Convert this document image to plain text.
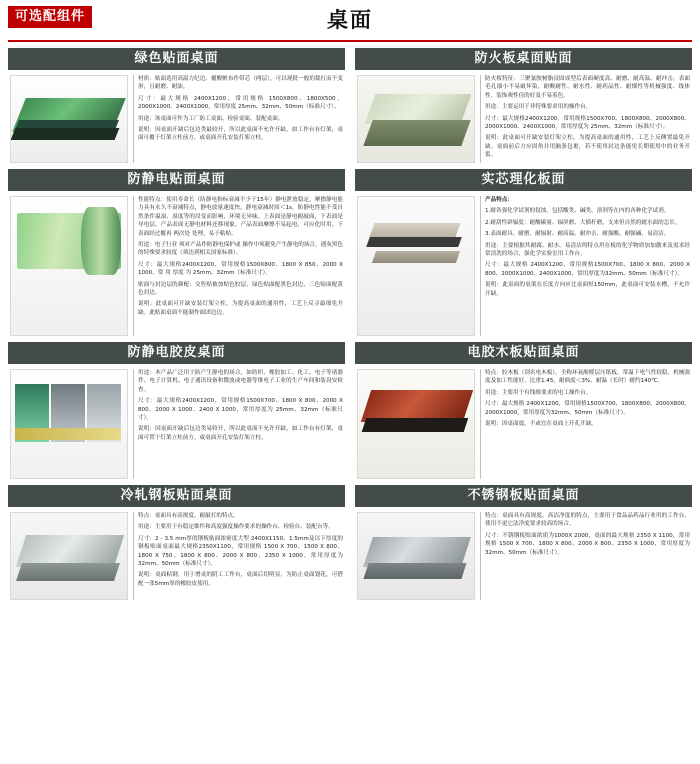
可选配组件	桌面
绿色贴面桌面

材质：贴面选用高温力纪边、覆醒帆布作带芯（两层），可以现批一般的裁打而不变形，且耐磨、耐油。

尺寸：最大规格 2400X1200，常用规格 1500X800、1800X500、2000X1000、2400X1000，常用厚度 25mm、32mm、50mm（标准尺寸）。

用途：该桌面可作为工厂防工桌面、检验桌面、装配桌面。

说明：因桌面开缺后包边类最较开，所以此桌面不允许开缺，如工作台有灯架，桌面可覆于灯架立柱前方，或桌面开孔安装灯架立柱。

防火板桌面贴面

防火板特征：三聚氰胺树脂浸固成型后表面硬度高、耐磨、耐高温、耐冲击，表面毛孔细小不易破坏染，耐酸耐性、耐水性、耐药品性、耐烟性等机械强度、线体性、装饰观性佳的好及不易着色。

用途：主要运用于非特殊要求用的操作台。

尺寸：最大规格2400X1200，常用规格1500X700、1800X800、2000X800、2000X1000、2400X1000，常用厚度为 25mm、32mm（标准尺寸）。

说明：此桌面可开缺安装灯架立柱，为提高桌面的通用性，工艺上反侧置最免开缺。桌面前后方应固角并用脑条包裹，若不使用封边条能免长期使用中的业务开裂。

防静电贴面桌面

性能特点：使用寿命长（防静电指标衰减不少于15年）静电泄放稳定，摩擦静电能力具有永久不衰减特点，静电放量速度快，静电衰减时间＜1s，防静电性能不受自然条件温湿、湿度等的浸变而影响，环境无异味。上表面是静电耐敲面，下表面是导电层。产品表面无静电材料还移现象，产品表面摩擦不易起电，可应化时用。下表面经过覆再 两次处 处理，易于粘贴。

用途：电子行业 须对产品作防静电保护或 操作中须避免产生静电的场合。遇灰黑色的特殊要求较度（须达到相关国家标准）。

尺寸：最大规格2400X1200，常用规格1500X800、1800 X 850、2000 X 1000，常 用 厚度 为 25mm、32mm（标准尺寸）。

贴面与封边层的颜配：交售贴被加贴色胶层，绿色贴面配黑色封边，三色贴面配黄色封边。

说明：此桌面可开缺安装灯架立柱，为提高桌面的通用性，工艺上反寻最细免开缺。此贴面桌面不能制作面团边边。

实芯理化板面

产品特点：

1.耐各强化学试剂的侵蚀，包括酸类、碱类、溶剂等在内的各种化学试剂。

2.耐刮性辟辐度：耐酸碳量、辐屏磨、大插杆磨，支来但自然的耐水面的怎长。

3.表面耐具、耐磨、耐辐射、耐高温、耐冲击、耐强酸、耐强碱、易清洁。

用途：主要根据其耐腐、耐水、易清洁的特点用在板的化学物质加加激来及需求经常清洗的场合，强化学实验室用工作台。

尺寸：最大规格 2400X1200，常用规格1500X700、1800 X 800、2000 X 800、2000X1000、2400X1000，常用厚度为32mm、50mm（标准尺寸）。

说明：此桌面的桌架在长度方向应比桌面短150mm，此桌面可安装水槽，不允许开缺。

防静电胶皮桌面

用途：本产品广泛用于防产生静电的场合，如纺织、橡胶加工、化工、电子等诸器件、电子计算机、电子通讯设备和微波或电器等维电子工业的生产车间和装设安检查。

尺寸：最大规格2400X1200，常用规格1500X700、1800 X 800、2000 X 800、2000 X 1000、2400 X 1000，常用厚度为 25mm、32mm（标准尺寸）。

说明：因桌面开缺后包边类易较开，所以此桌面不允许开缺，如工作台有灯架，桌面可置于灯架立柱前方，或桌面开孔安装灯架立柱。

电胶木板贴面桌面

特点：胶木板（别名电木板），全称环氧酚醛层压纸板，常温下电气性较稳，机械强度及加工性能好，比重1.45，耐曲度＜3%，耐温（长时）耐约140℃。

用途：主要用于有线维要求的电工操作台。

尺寸：最大规格 2400X1200，常用规格1500X700、1800X800、2000X800、2000X1000，常用厚度为32mm、50mm（标准尺寸）。

说明：因桌面震，不或宜在桌面上开孔开缺。

冷轧钢板贴面桌面

特点：桌面具有高规度，耐敲打的特点。

用途：主要用于有稳定维件和高度强度操作要求的操作台、检验台、装配台等。

尺寸：2 - 3.5 mm厚的钢板贴面浓密度大型 2400X1150、1.5mm及以下厚度的钢板贴面桌面最大规格2350X1100，常用规格 1500 X 700、1500 X 800、1800 X 750、1800 X 800、2000 X 800、2350 X 1000，常用厚度为32mm、50mm（标准尺寸）。

说明：桌面粘钢，用于增桌的阴工工作台，桌面后切明显，为防止桌面划花，可搭配一张5mm厚的橡胶皮使用。

不锈钢板贴面桌面

特点：桌面具有高规度，高洁净度的特点，主要用于食品品药品行业用的工作台，使用不更它法净度要求较高的场合。

尺寸：不锈钢板贴面浓质为1000X 2000，桌面的最大规格 2350 X 1100，常用规格 1500 X 700、1800 X 800、2000 X 800、2350 X 1000，常用厚度为32mm、50mm（标准尺寸）。
